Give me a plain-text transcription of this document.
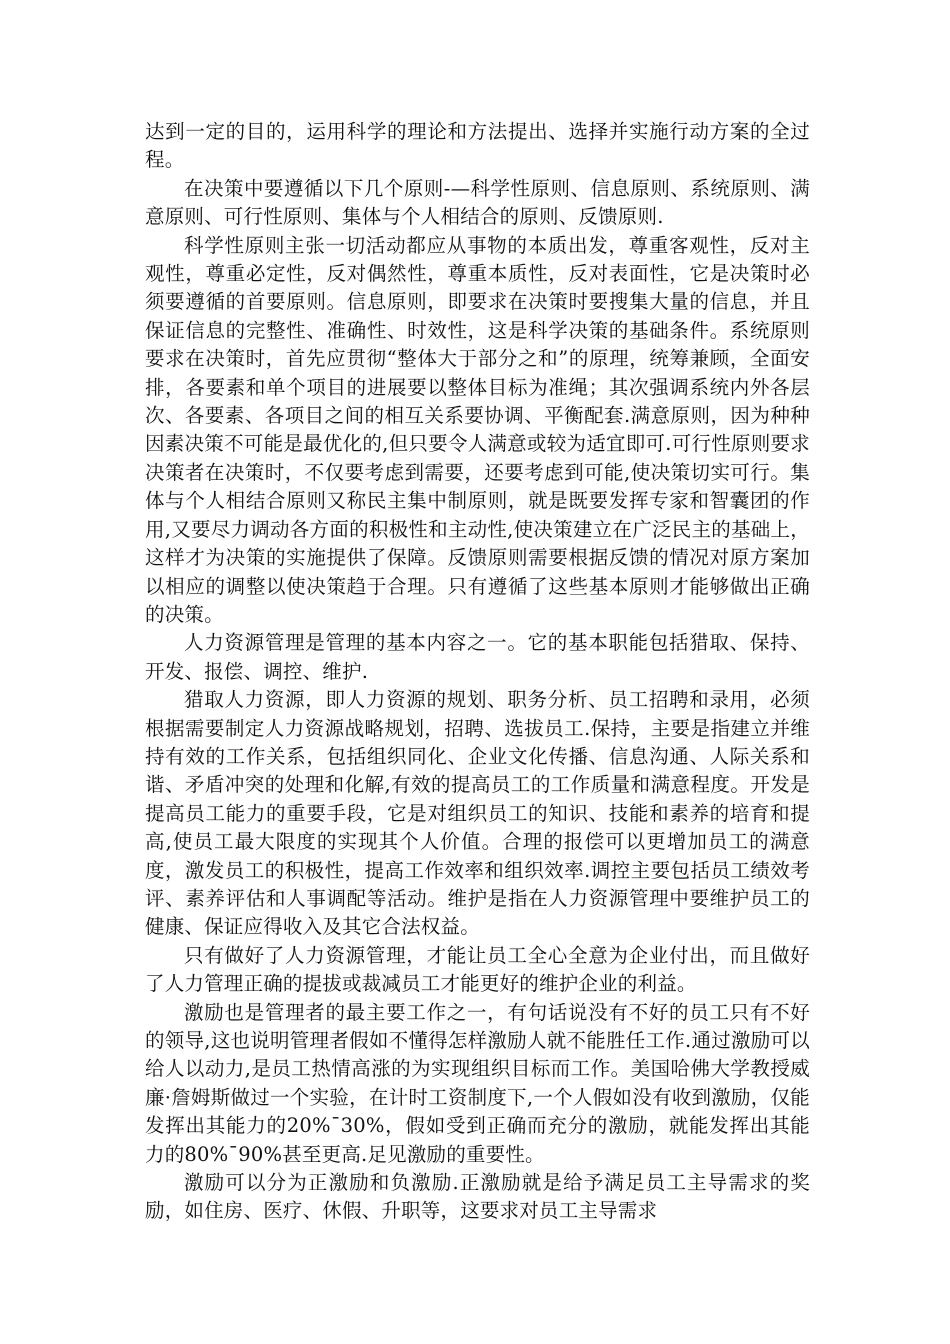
达到一定的目的，运用科学的理论和方法提出、选择并实施行动方案的全过程。

在决策中要遵循以下几个原则-—科学性原则、信息原则、系统原则、满意原则、可行性原则、集体与个人相结合的原则、反馈原则.

科学性原则主张一切活动都应从事物的本质出发，尊重客观性，反对主观性，尊重必定性，反对偶然性，尊重本质性，反对表面性，它是决策时必须要遵循的首要原则。信息原则，即要求在决策时要搜集大量的信息，并且保证信息的完整性、准确性、时效性，这是科学决策的基础条件。系统原则要求在决策时，首先应贯彻“整体大于部分之和”的原理，统筹兼顾，全面安排，各要素和单个项目的进展要以整体目标为准绳；其次强调系统内外各层次、各要素、各项目之间的相互关系要协调、平衡配套.满意原则，因为种种因素决策不可能是最优化的,但只要令人满意或较为适宜即可.可行性原则要求决策者在决策时，不仅要考虑到需要，还要考虑到可能,使决策切实可行。集体与个人相结合原则又称民主集中制原则，就是既要发挥专家和智囊团的作用,又要尽力调动各方面的积极性和主动性,使决策建立在广泛民主的基础上，这样才为决策的实施提供了保障。反馈原则需要根据反馈的情况对原方案加以相应的调整以使决策趋于合理。只有遵循了这些基本原则才能够做出正确的决策。

人力资源管理是管理的基本内容之一。它的基本职能包括猎取、保持、开发、报偿、调控、维护.

猎取人力资源，即人力资源的规划、职务分析、员工招聘和录用，必须根据需要制定人力资源战略规划，招聘、选拔员工.保持，主要是指建立并维持有效的工作关系，包括组织同化、企业文化传播、信息沟通、人际关系和谐、矛盾冲突的处理和化解,有效的提高员工的工作质量和满意程度。开发是提高员工能力的重要手段，它是对组织员工的知识、技能和素养的培育和提高,使员工最大限度的实现其个人价值。合理的报偿可以更增加员工的满意度，激发员工的积极性，提高工作效率和组织效率.调控主要包括员工绩效考评、素养评估和人事调配等活动。维护是指在人力资源管理中要维护员工的健康、保证应得收入及其它合法权益。

只有做好了人力资源管理，才能让员工全心全意为企业付出，而且做好了人力管理正确的提拔或裁减员工才能更好的维护企业的利益。

激励也是管理者的最主要工作之一，有句话说没有不好的员工只有不好的领导,这也说明管理者假如不懂得怎样激励人就不能胜任工作.通过激励可以给人以动力,是员工热情高涨的为实现组织目标而工作。美国哈佛大学教授威廉·詹姆斯做过一个实验，在计时工资制度下,一个人假如没有收到激励，仅能发挥出其能力的20%¯30%，假如受到正确而充分的激励，就能发挥出其能力的80%¯90%甚至更高.足见激励的重要性。

激励可以分为正激励和负激励.正激励就是给予满足员工主导需求的奖励，如住房、医疗、休假、升职等，这要求对员工主导需求
